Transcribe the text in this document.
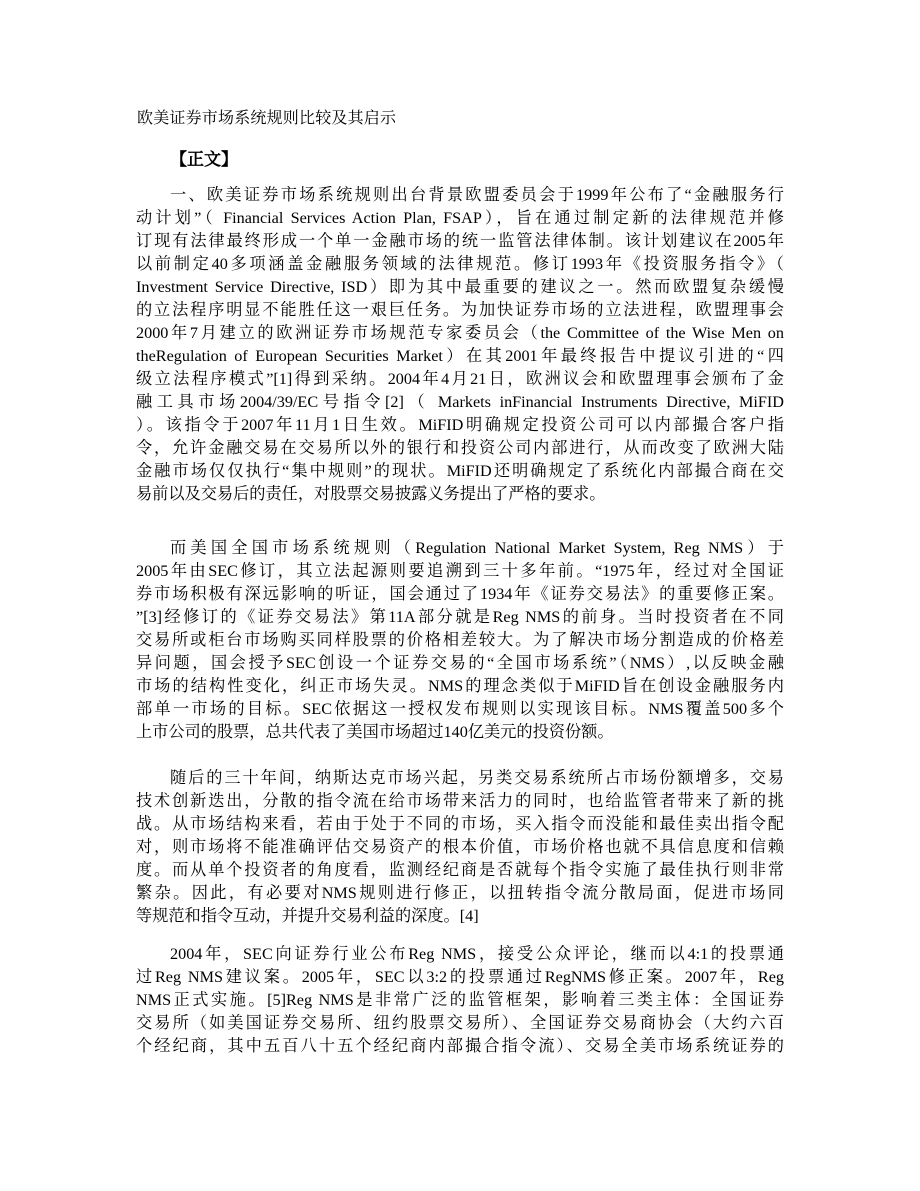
欧美证券市场系统规则比较及其启示
【正文】
一、欧美证券市场系统规则出台背景欧盟委员会于1999年公布了“金融服务行
动计划”（ Financial Services Action Plan, FSAP），旨在通过制定新的法律规范并修
订现有法律最终形成一个单一金融市场的统一监管法律体制。该计划建议在2005年
以前制定40多项涵盖金融服务领域的法律规范。修订1993年《投资服务指令》（
Investment Service Directive, ISD）即为其中最重要的建议之一。然而欧盟复杂缓慢
的立法程序明显不能胜任这一艰巨任务。为加快证券市场的立法进程，欧盟理事会
2000年7月建立的欧洲证券市场规范专家委员会（the Committee of the Wise Men on
theRegulation of European Securities Market）在其2001年最终报告中提议引进的“四
级立法程序模式”[1]得到采纳。2004年4月21日，欧洲议会和欧盟理事会颁布了金
融工具市场2004/39/EC号指令[2]（ Markets inFinancial Instruments Directive, MiFID
）。该指令于2007年11月1日生效。MiFID明确规定投资公司可以内部撮合客户指
令，允许金融交易在交易所以外的银行和投资公司内部进行，从而改变了欧洲大陆
金融市场仅仅执行“集中规则”的现状。MiFID还明确规定了系统化内部撮合商在交
易前以及交易后的责任，对股票交易披露义务提出了严格的要求。
而美国全国市场系统规则（Regulation National Market System, Reg NMS）于
2005年由SEC修订，其立法起源则要追溯到三十多年前。“1975年，经过对全国证
券市场积极有深远影响的听证，国会通过了1934年《证券交易法》的重要修正案。
”[3]经修订的《证券交易法》第11A部分就是Reg NMS的前身。当时投资者在不同
交易所或柜台市场购买同样股票的价格相差较大。为了解决市场分割造成的价格差
异问题，国会授予SEC创设一个证券交易的“全国市场系统”（NMS）,以反映金融
市场的结构性变化，纠正市场失灵。NMS的理念类似于MiFID旨在创设金融服务内
部单一市场的目标。SEC依据这一授权发布规则以实现该目标。NMS覆盖500多个
上市公司的股票，总共代表了美国市场超过140亿美元的投资份额。
随后的三十年间，纳斯达克市场兴起，另类交易系统所占市场份额增多，交易
技术创新迭出，分散的指令流在给市场带来活力的同时，也给监管者带来了新的挑
战。从市场结构来看，若由于处于不同的市场，买入指令而没能和最佳卖出指令配
对，则市场将不能准确评估交易资产的根本价值，市场价格也就不具信息度和信赖
度。而从单个投资者的角度看，监测经纪商是否就每个指令实施了最佳执行则非常
繁杂。因此，有必要对NMS规则进行修正，以扭转指令流分散局面，促进市场同
等规范和指令互动，并提升交易利益的深度。[4]
2004年，SEC向证券行业公布Reg NMS，接受公众评论，继而以4:1的投票通
过Reg NMS建议案。2005年，SEC以3:2的投票通过RegNMS修正案。2007年，Reg
NMS正式实施。[5]Reg NMS是非常广泛的监管框架，影响着三类主体：全国证券
交易所（如美国证券交易所、纽约股票交易所）、全国证券交易商协会（大约六百
个经纪商，其中五百八十五个经纪商内部撮合指令流）、交易全美市场系统证券的
